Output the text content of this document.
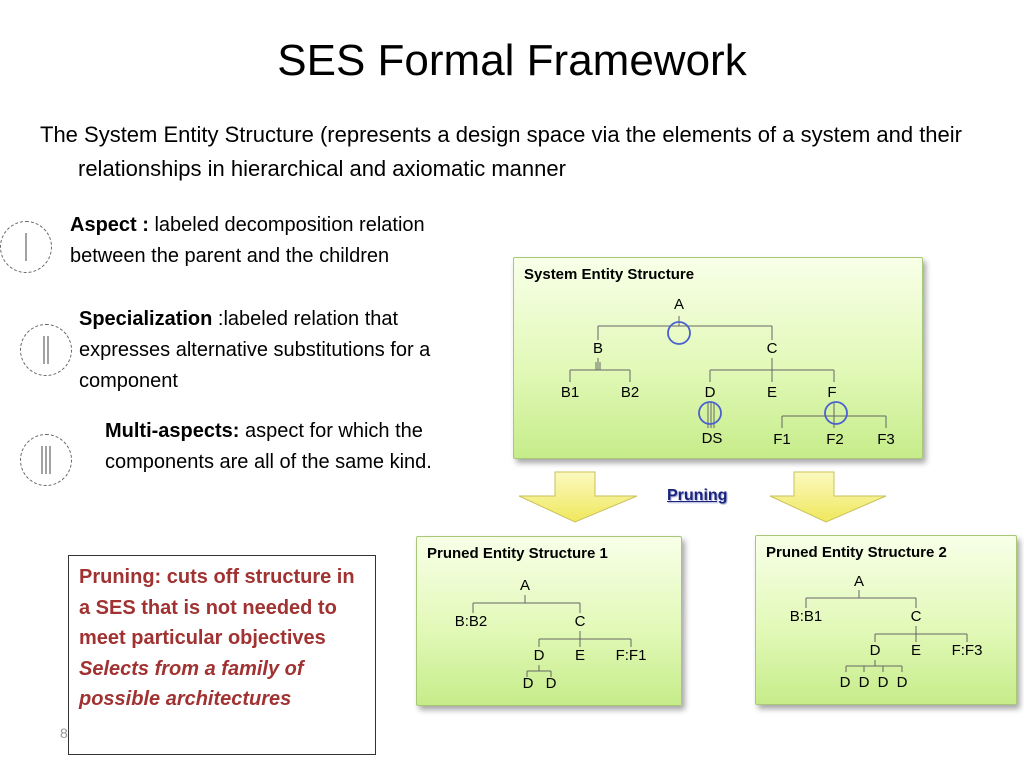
SES Formal Framework
The System Entity Structure (represents a design space via the elements of a system and their relationships in hierarchical and axiomatic manner
Aspect : labeled decomposition relation between the parent and the children
Specialization :labeled relation that expresses alternative substitutions for a component
Multi-aspects: aspect for which the components are all of the same kind.
Pruning: cuts off structure in a SES that is not needed to meet particular objectives
Selects from a family of possible architectures
8
System Entity Structure
A
B	C
B1	B2	D	E	F
DS	F1 F2 F3
Pruning
Pruned Entity Structure 1
A
B:B2	C
D E F:F1
D D
Pruned Entity Structure 2
A
B:B1	C
D E F:F3
D D D D
